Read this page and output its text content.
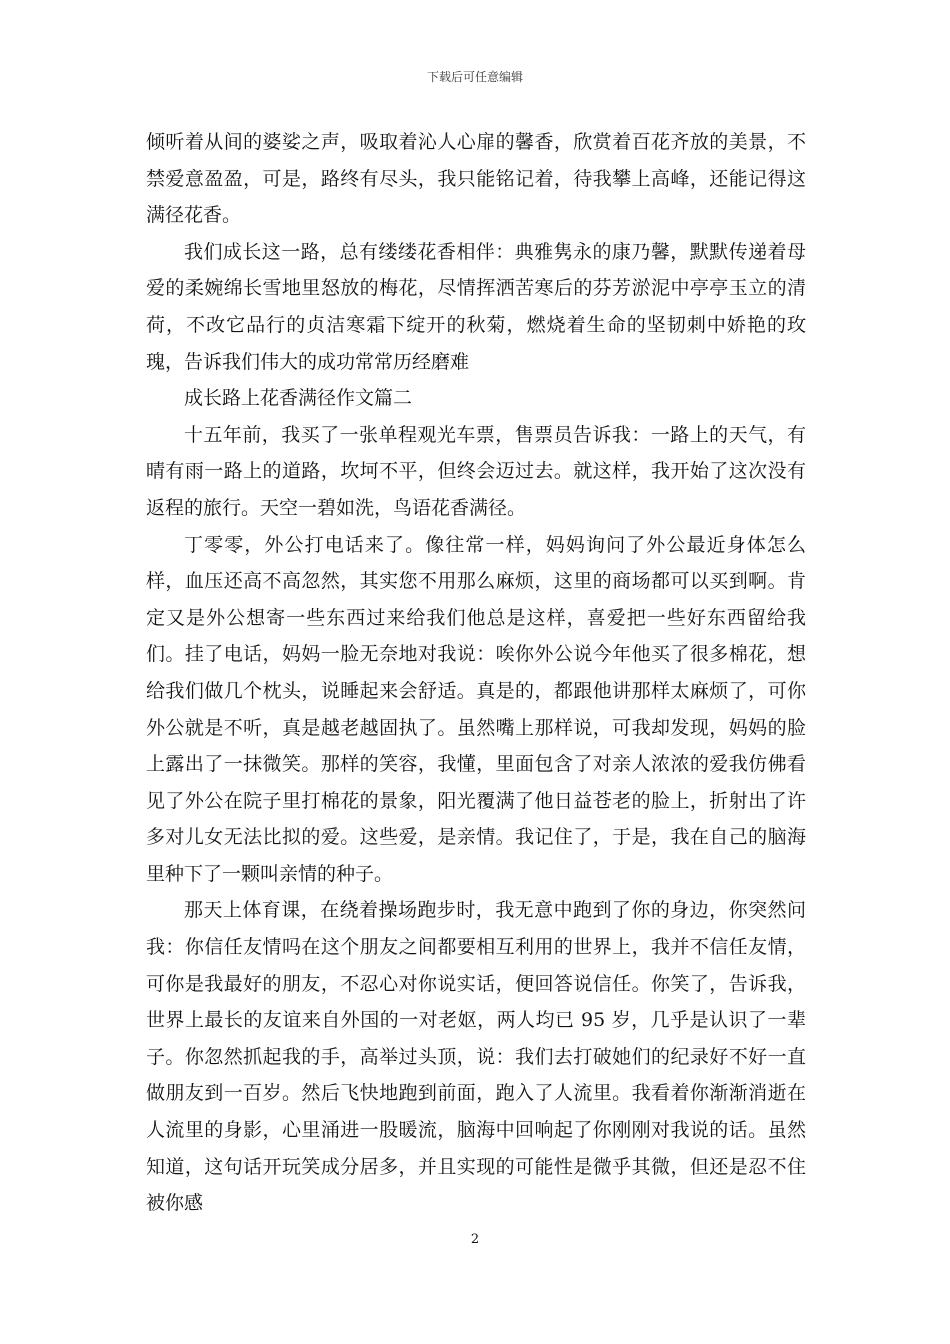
下载后可任意编辑

倾听着从间的婆娑之声，吸取着沁人心扉的馨香，欣赏着百花齐放的美景，不禁爱意盈盈，可是，路终有尽头，我只能铭记着，待我攀上高峰，还能记得这满径花香。

我们成长这一路，总有缕缕花香相伴：典雅隽永的康乃馨，默默传递着母爱的柔婉绵长雪地里怒放的梅花，尽情挥洒苦寒后的芬芳淤泥中亭亭玉立的清荷，不改它品行的贞洁寒霜下绽开的秋菊，燃烧着生命的坚韧刺中娇艳的玫瑰，告诉我们伟大的成功常常历经磨难

成长路上花香满径作文篇二

十五年前，我买了一张单程观光车票，售票员告诉我：一路上的天气，有晴有雨一路上的道路，坎坷不平，但终会迈过去。就这样，我开始了这次没有返程的旅行。天空一碧如洗，鸟语花香满径。

丁零零，外公打电话来了。像往常一样，妈妈询问了外公最近身体怎么样，血压还高不高忽然，其实您不用那么麻烦，这里的商场都可以买到啊。肯定又是外公想寄一些东西过来给我们他总是这样，喜爱把一些好东西留给我们。挂了电话，妈妈一脸无奈地对我说：唉你外公说今年他买了很多棉花，想给我们做几个枕头，说睡起来会舒适。真是的，都跟他讲那样太麻烦了，可你外公就是不听，真是越老越固执了。虽然嘴上那样说，可我却发现，妈妈的脸上露出了一抹微笑。那样的笑容，我懂，里面包含了对亲人浓浓的爱我仿佛看见了外公在院子里打棉花的景象，阳光覆满了他日益苍老的脸上，折射出了许多对儿女无法比拟的爱。这些爱，是亲情。我记住了，于是，我在自己的脑海里种下了一颗叫亲情的种子。

那天上体育课，在绕着操场跑步时，我无意中跑到了你的身边，你突然问我：你信任友情吗在这个朋友之间都要相互利用的世界上，我并不信任友情，可你是我最好的朋友，不忍心对你说实话，便回答说信任。你笑了，告诉我，世界上最长的友谊来自外国的一对老妪，两人均已 95 岁，几乎是认识了一辈子。你忽然抓起我的手，高举过头顶，说：我们去打破她们的纪录好不好一直做朋友到一百岁。然后飞快地跑到前面，跑入了人流里。我看着你渐渐消逝在人流里的身影，心里涌进一股暖流，脑海中回响起了你刚刚对我说的话。虽然知道，这句话开玩笑成分居多，并且实现的可能性是微乎其微，但还是忍不住被你感

2
